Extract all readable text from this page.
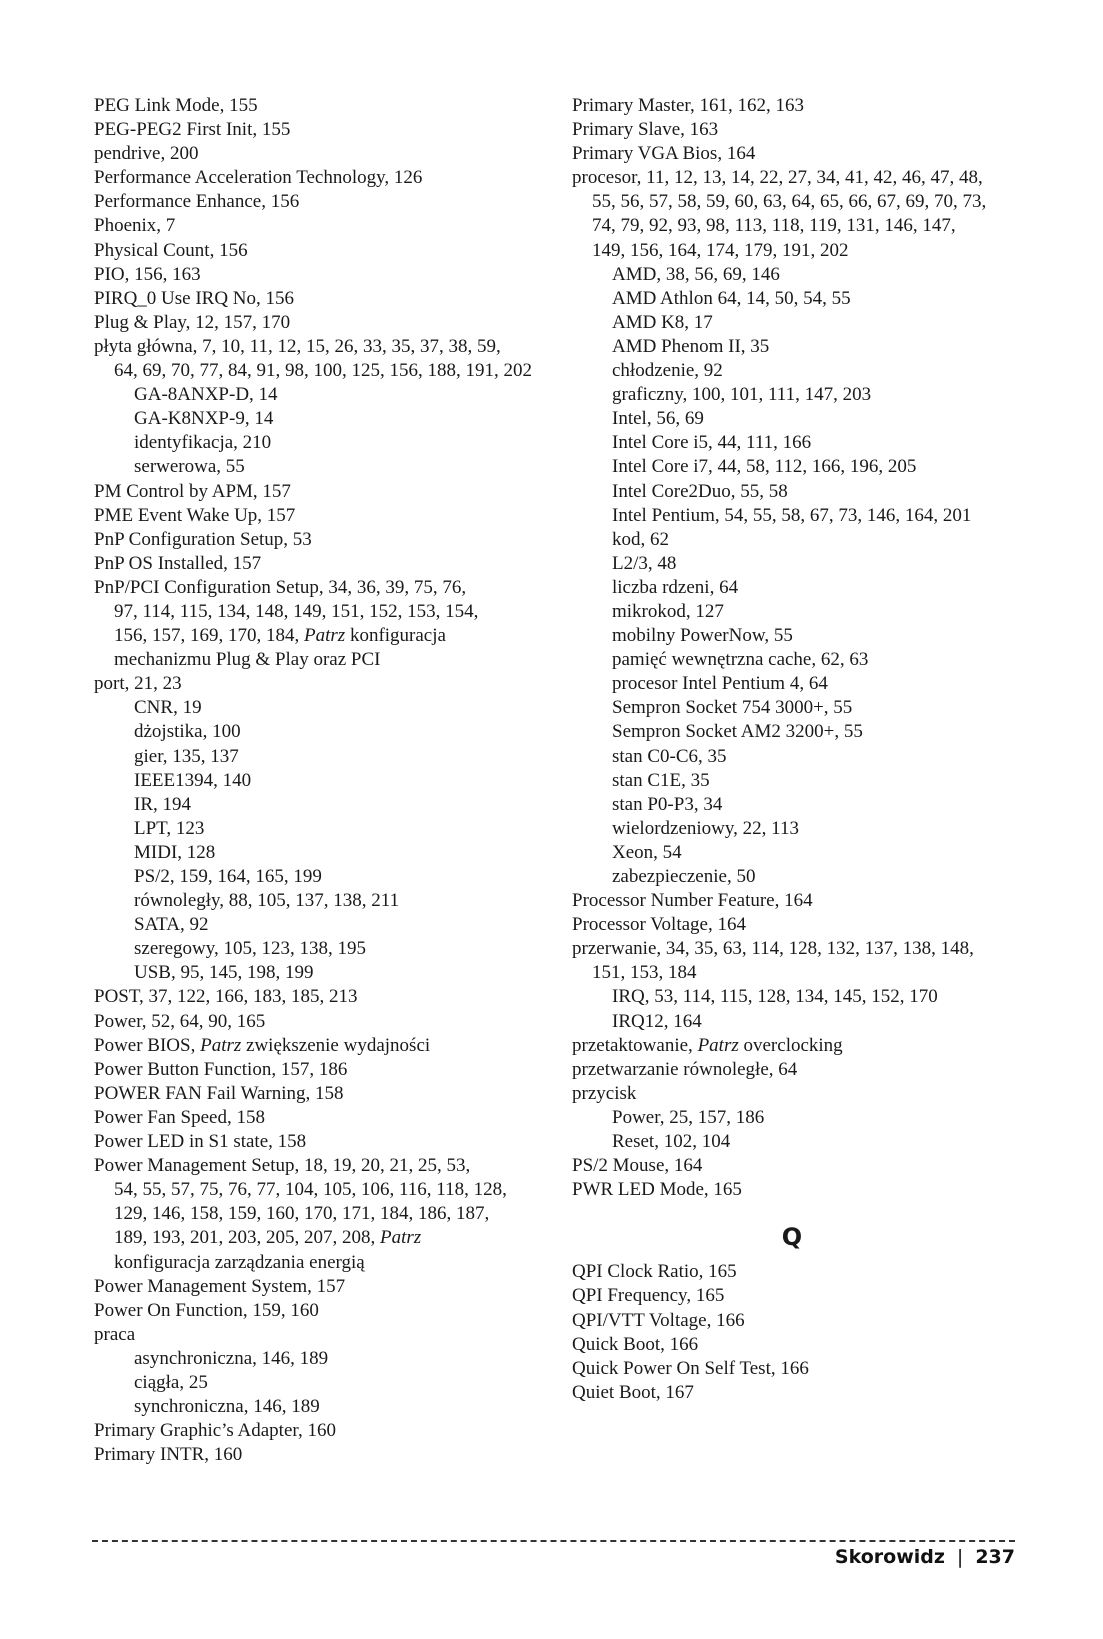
PEG Link Mode, 155
PEG-PEG2 First Init, 155
pendrive, 200
Performance Acceleration Technology, 126
Performance Enhance, 156
Phoenix, 7
Physical Count, 156
PIO, 156, 163
PIRQ_0 Use IRQ No, 156
Plug & Play, 12, 157, 170
płyta główna, 7, 10, 11, 12, 15, 26, 33, 35, 37, 38, 59,
64, 69, 70, 77, 84, 91, 98, 100, 125, 156, 188, 191, 202
GA-8ANXP-D, 14
GA-K8NXP-9, 14
identyfikacja, 210
serwerowa, 55
PM Control by APM, 157
PME Event Wake Up, 157
PnP Configuration Setup, 53
PnP OS Installed, 157
PnP/PCI Configuration Setup, 34, 36, 39, 75, 76,
97, 114, 115, 134, 148, 149, 151, 152, 153, 154,
156, 157, 169, 170, 184, Patrz konfiguracja
mechanizmu Plug & Play oraz PCI
port, 21, 23
CNR, 19
dżojstika, 100
gier, 135, 137
IEEE1394, 140
IR, 194
LPT, 123
MIDI, 128
PS/2, 159, 164, 165, 199
równoległy, 88, 105, 137, 138, 211
SATA, 92
szeregowy, 105, 123, 138, 195
USB, 95, 145, 198, 199
POST, 37, 122, 166, 183, 185, 213
Power, 52, 64, 90, 165
Power BIOS, Patrz zwiększenie wydajności
Power Button Function, 157, 186
POWER FAN Fail Warning, 158
Power Fan Speed, 158
Power LED in S1 state, 158
Power Management Setup, 18, 19, 20, 21, 25, 53,
54, 55, 57, 75, 76, 77, 104, 105, 106, 116, 118, 128,
129, 146, 158, 159, 160, 170, 171, 184, 186, 187,
189, 193, 201, 203, 205, 207, 208, Patrz
konfiguracja zarządzania energią
Power Management System, 157
Power On Function, 159, 160
praca
asynchroniczna, 146, 189
ciągła, 25
synchroniczna, 146, 189
Primary Graphic’s Adapter, 160
Primary INTR, 160
Primary Master, 161, 162, 163
Primary Slave, 163
Primary VGA Bios, 164
procesor, 11, 12, 13, 14, 22, 27, 34, 41, 42, 46, 47, 48,
55, 56, 57, 58, 59, 60, 63, 64, 65, 66, 67, 69, 70, 73,
74, 79, 92, 93, 98, 113, 118, 119, 131, 146, 147,
149, 156, 164, 174, 179, 191, 202
AMD, 38, 56, 69, 146
AMD Athlon 64, 14, 50, 54, 55
AMD K8, 17
AMD Phenom II, 35
chłodzenie, 92
graficzny, 100, 101, 111, 147, 203
Intel, 56, 69
Intel Core i5, 44, 111, 166
Intel Core i7, 44, 58, 112, 166, 196, 205
Intel Core2Duo, 55, 58
Intel Pentium, 54, 55, 58, 67, 73, 146, 164, 201
kod, 62
L2/3, 48
liczba rdzeni, 64
mikrokod, 127
mobilny PowerNow, 55
pamięć wewnętrzna cache, 62, 63
procesor Intel Pentium 4, 64
Sempron Socket 754 3000+, 55
Sempron Socket AM2 3200+, 55
stan C0-C6, 35
stan C1E, 35
stan P0-P3, 34
wielordzeniowy, 22, 113
Xeon, 54
zabezpieczenie, 50
Processor Number Feature, 164
Processor Voltage, 164
przerwanie, 34, 35, 63, 114, 128, 132, 137, 138, 148,
151, 153, 184
IRQ, 53, 114, 115, 128, 134, 145, 152, 170
IRQ12, 164
przetaktowanie, Patrz overclocking
przetwarzanie równoległe, 64
przycisk
Power, 25, 157, 186
Reset, 102, 104
PS/2 Mouse, 164
PWR LED Mode, 165
Q
QPI Clock Ratio, 165
QPI Frequency, 165
QPI/VTT Voltage, 166
Quick Boot, 166
Quick Power On Self Test, 166
Quiet Boot, 167
Skorowidz | 237
